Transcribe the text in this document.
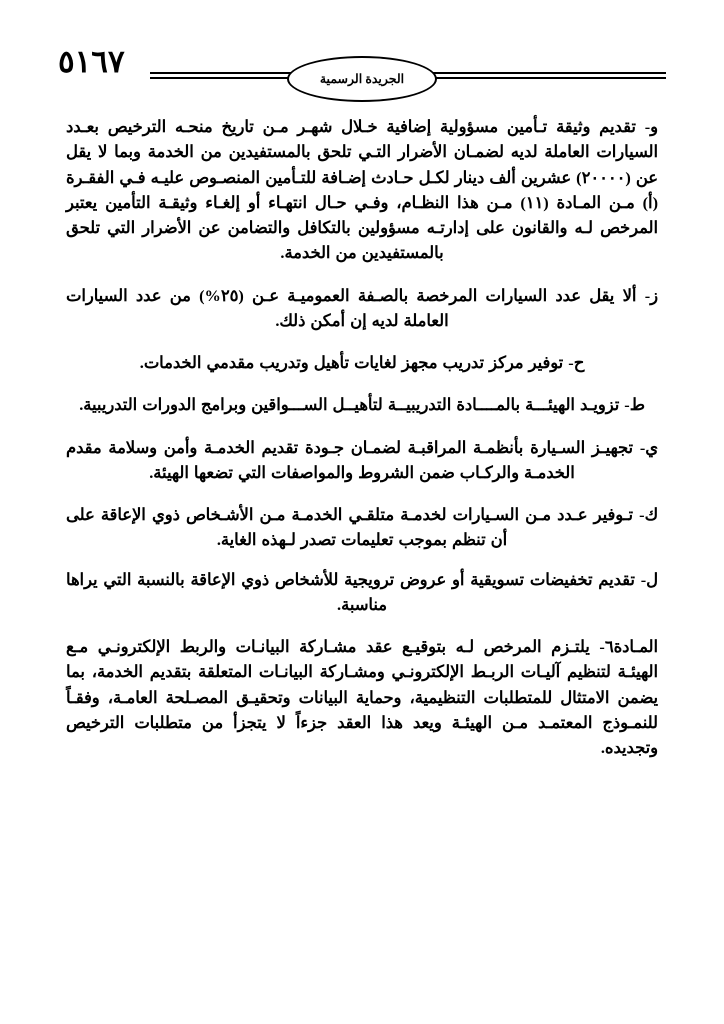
٥١٦٧	الجريدة الرسمية

و- تقديم وثيقة تـأمين مسؤولية إضافية خـلال شهـر مـن تاريخ منحـه الترخيص بعـدد السيارات العاملة لديه لضمـان الأضرار التـي تلحق بالمستفيدين من الخدمة وبما لا يقل عن (٢٠٠٠٠) عشرين ألف دينار لكـل حـادث إضـافة للتـأمين المنصـوص عليـه فـي الفقـرة (أ) مـن المـادة (١١) مـن هذا النظـام، وفـي حـال انتهـاء أو إلغـاء وثيقـة التأمين يعتبر المرخص لـه والقانون على إدارتـه مسؤولين بالتكافل والتضامن عن الأضرار التي تلحق بالمستفيدين من الخدمة.

ز- ألا يقل عدد السيارات المرخصة بالصـفة العموميـة عـن (٢٥%) من عدد السيارات العاملة لديه إن أمكن ذلك.

ح- توفير مركز تدريب مجهز لغايات تأهيل وتدريب مقدمي الخدمات.

ط- تزويـد الهيئـــة بالمــــادة التدريبيــة لتأهيــل الســـواقين وبرامج الدورات التدريبية.

ي- تجهيـز السـيارة بأنظمـة المراقبـة لضمـان جـودة تقديم الخدمـة وأمن وسلامة مقدم الخدمـة والركـاب ضمن الشروط والمواصفات التي تضعها الهيئة.

ك- تـوفير عـدد مـن السـيارات لخدمـة متلقـي الخدمـة مـن الأشـخاص ذوي الإعاقة على أن تنظم بموجب تعليمات تصدر لـهذه الغاية.

ل- تقديم تخفيضات تسويقية أو عروض ترويجية للأشخاص ذوي الإعاقة بالنسبة التي يراها مناسبة.

المـادة٦- يلتـزم المرخص لـه بتوقيـع عقد مشـاركة البيانـات والربط الإلكترونـي مـع الهيئـة لتنظيم آليـات الربـط الإلكترونـي ومشـاركة البيانـات المتعلقة بتقديم الخدمة، بما يضمن الامتثال للمتطلبات التنظيمية، وحماية البيانات وتحقيـق المصـلحة العامـة، وفقـاً للنمـوذج المعتمـد مـن الهيئـة ويعد هذا العقد جزءاً لا يتجزأ من متطلبات الترخيص وتجديده.
